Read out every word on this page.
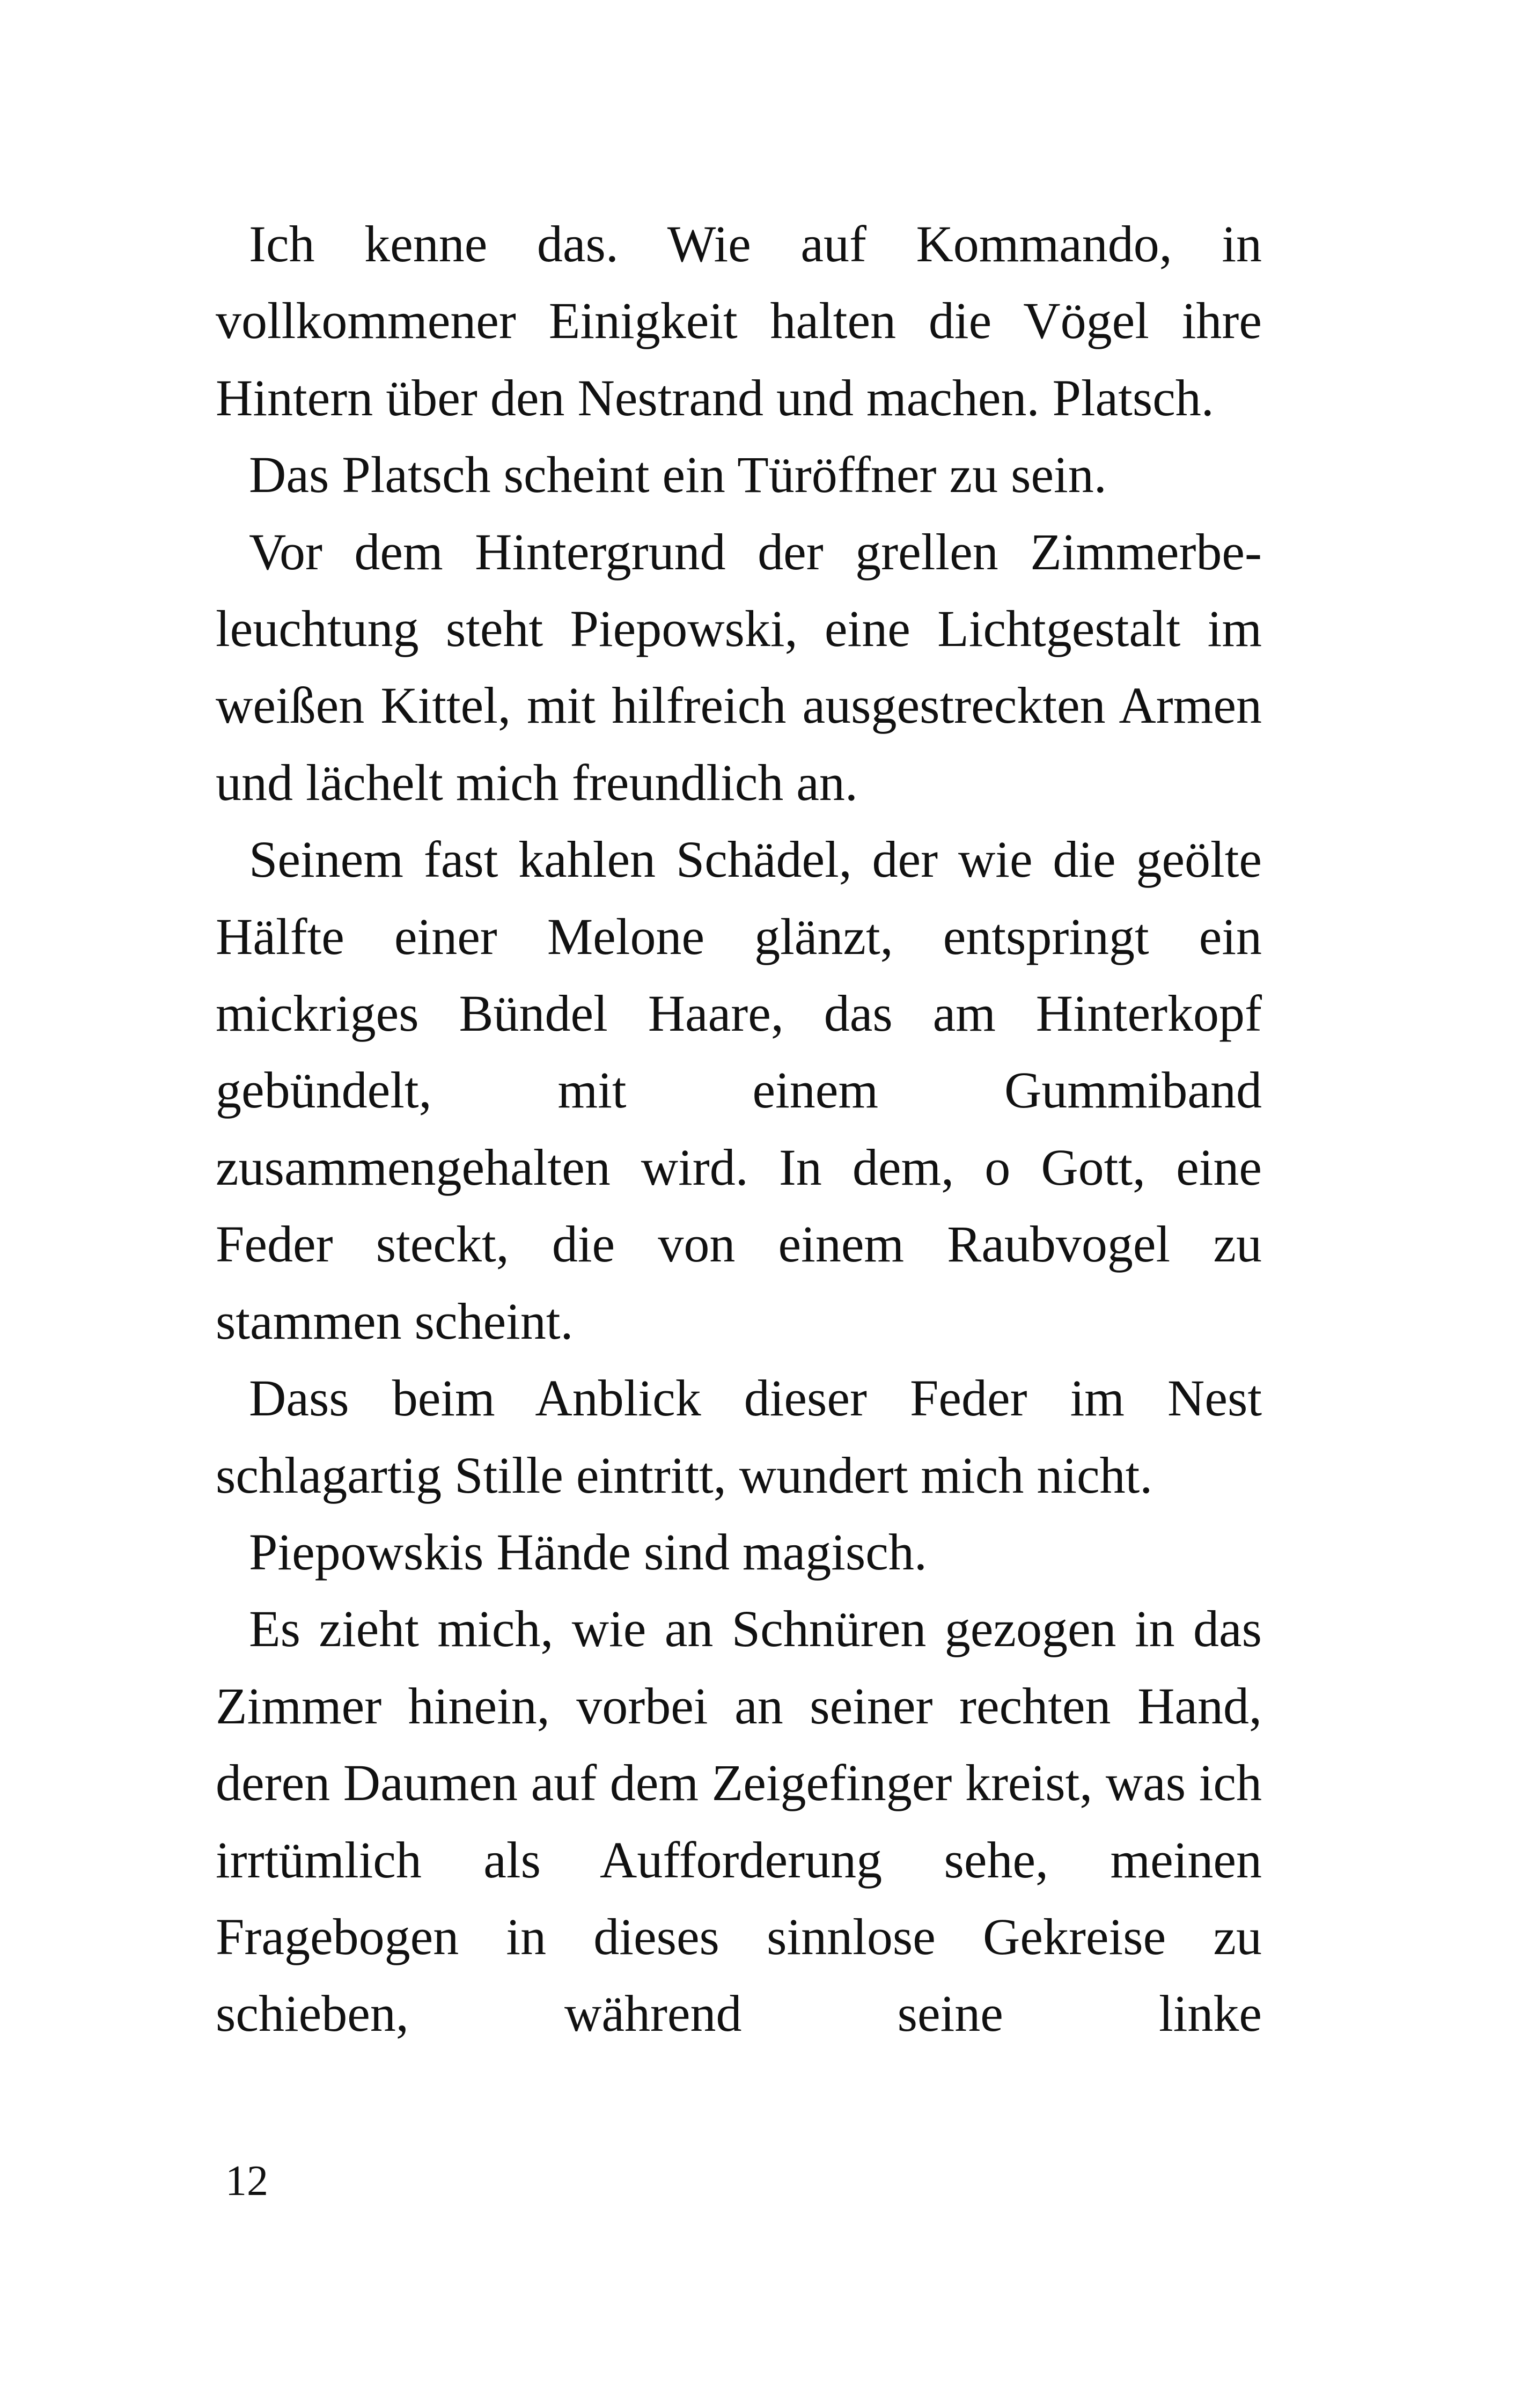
Ich kenne das. Wie auf Kommando, in vollkommener Einigkeit halten die Vögel ihre Hintern über den Nestrand und machen. Platsch.

Das Platsch scheint ein Türöffner zu sein.

Vor dem Hintergrund der grellen Zimmerbeleuchtung steht Piepowski, eine Lichtgestalt im weißen Kittel, mit hilfreich ausgestreckten Armen und lächelt mich freundlich an.

Seinem fast kahlen Schädel, der wie die geölte Hälfte einer Melone glänzt, entspringt ein mickriges Bündel Haare, das am Hinterkopf gebündelt, mit einem Gummiband zusammengehalten wird. In dem, o Gott, eine Feder steckt, die von einem Raubvogel zu stammen scheint.

Dass beim Anblick dieser Feder im Nest schlagartig Stille eintritt, wundert mich nicht.

Piepowskis Hände sind magisch.

Es zieht mich, wie an Schnüren gezogen in das Zimmer hinein, vorbei an seiner rechten Hand, deren Daumen auf dem Zeigefinger kreist, was ich irrtümlich als Aufforderung sehe, meinen Fragebogen in dieses sinnlose Gekreise zu schieben, während seine linke

12
